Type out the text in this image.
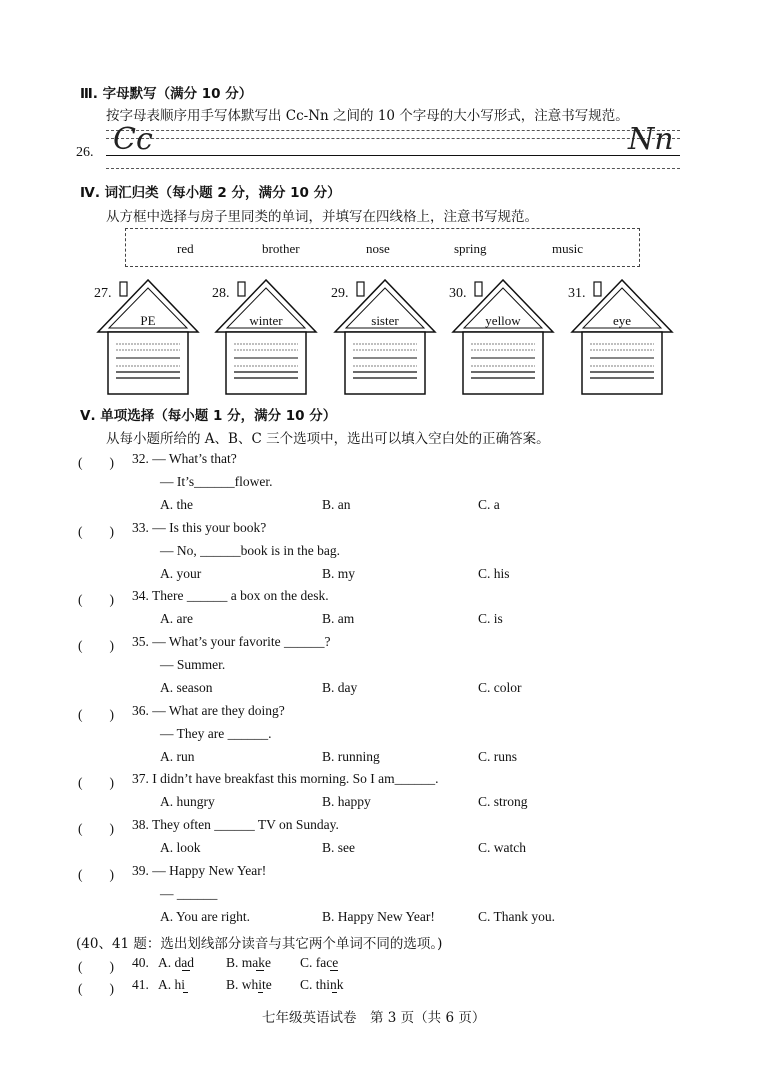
Ⅲ. 字母默写（满分 10 分）
按字母表顺序用手写体默写出 Cc-Nn 之间的 10 个字母的大小写形式，注意书写规范。
26. Cc	Nn
Ⅳ. 词汇归类（每小题 2 分，满分 10 分）
从方框中选择与房子里同类的单词，并填写在四线格上，注意书写规范。
red	brother	nose	spring	music
27.
PE
28.
winter
29.
sister
30.
yellow
31.
eye
Ⅴ. 单项选择（每小题 1 分，满分 10 分）
从每小题所给的 A、B、C 三个选项中，选出可以填入空白处的正确答案。
(　　) 32. — What’s that?
— It’s______flower.
A. the	B. an	C. a
(　　) 33. — Is this your book?
— No, ______book is in the bag.
A. your	B. my	C. his
(　　) 34. There ______ a box on the desk.
A. are	B. am	C. is
(　　) 35. — What’s your favorite ______?
— Summer.
A. season	B. day	C. color
(　　) 36. — What are they doing?
— They are ______.
A. run	B. running	C. runs
(　　) 37. I didn’t have breakfast this morning. So I am______.
A. hungry	B. happy	C. strong
(　　) 38. They often ______ TV on Sunday.
A. look	B. see	C. watch
(　　) 39. — Happy New Year!
— ______
A. You are right.	B. Happy New Year!	C. Thank you.
(40、41 题：选出划线部分读音与其它两个单词不同的选项。)
(　　) 40. A. dad B. make C. face
(　　) 41. A. hi	B. white C. think
七年级英语试卷　第 3 页（共 6 页）
